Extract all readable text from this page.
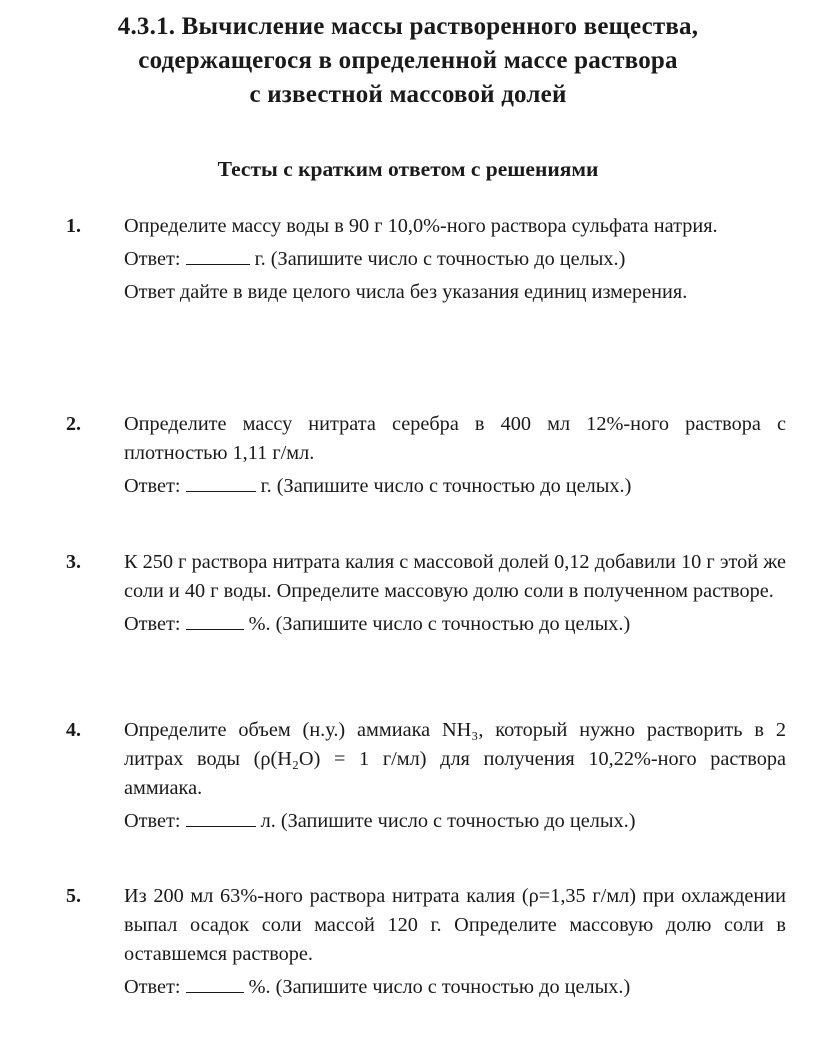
4.3.1. Вычисление массы растворенного вещества,
содержащегося в определенной массе раствора
с известной массовой долей
Тесты с кратким ответом с решениями
1. Определите массу воды в 90 г 10,0%-ного раствора сульфата натрия.

Ответ:	г. (Запишите число с точностью до целых.)

Ответ дайте в виде целого числа без указания единиц измерения.

2. Определите массу нитрата серебра в 400 мл 12%-ного раствора с плотностью 1,11 г/мл.

Ответ:	г. (Запишите число с точностью до целых.)

3. К 250 г раствора нитрата калия с массовой долей 0,12 добавили 10 г этой же соли и 40 г воды. Определите массовую долю соли в полученном растворе.

Ответ:	%. (Запишите число с точностью до целых.)

4. Определите объем (н.у.) аммиака NH₃, который нужно растворить в 2 литрах воды (ρ(H₂O) = 1 г/мл) для получения 10,22%-ного раствора аммиака.

Ответ:	л. (Запишите число с точностью до целых.)

5. Из 200 мл 63%-ного раствора нитрата калия (ρ=1,35 г/мл) при охлаждении выпал осадок соли массой 120 г. Определите массовую долю соли в оставшемся растворе.

Ответ:	%. (Запишите число с точностью до целых.)
